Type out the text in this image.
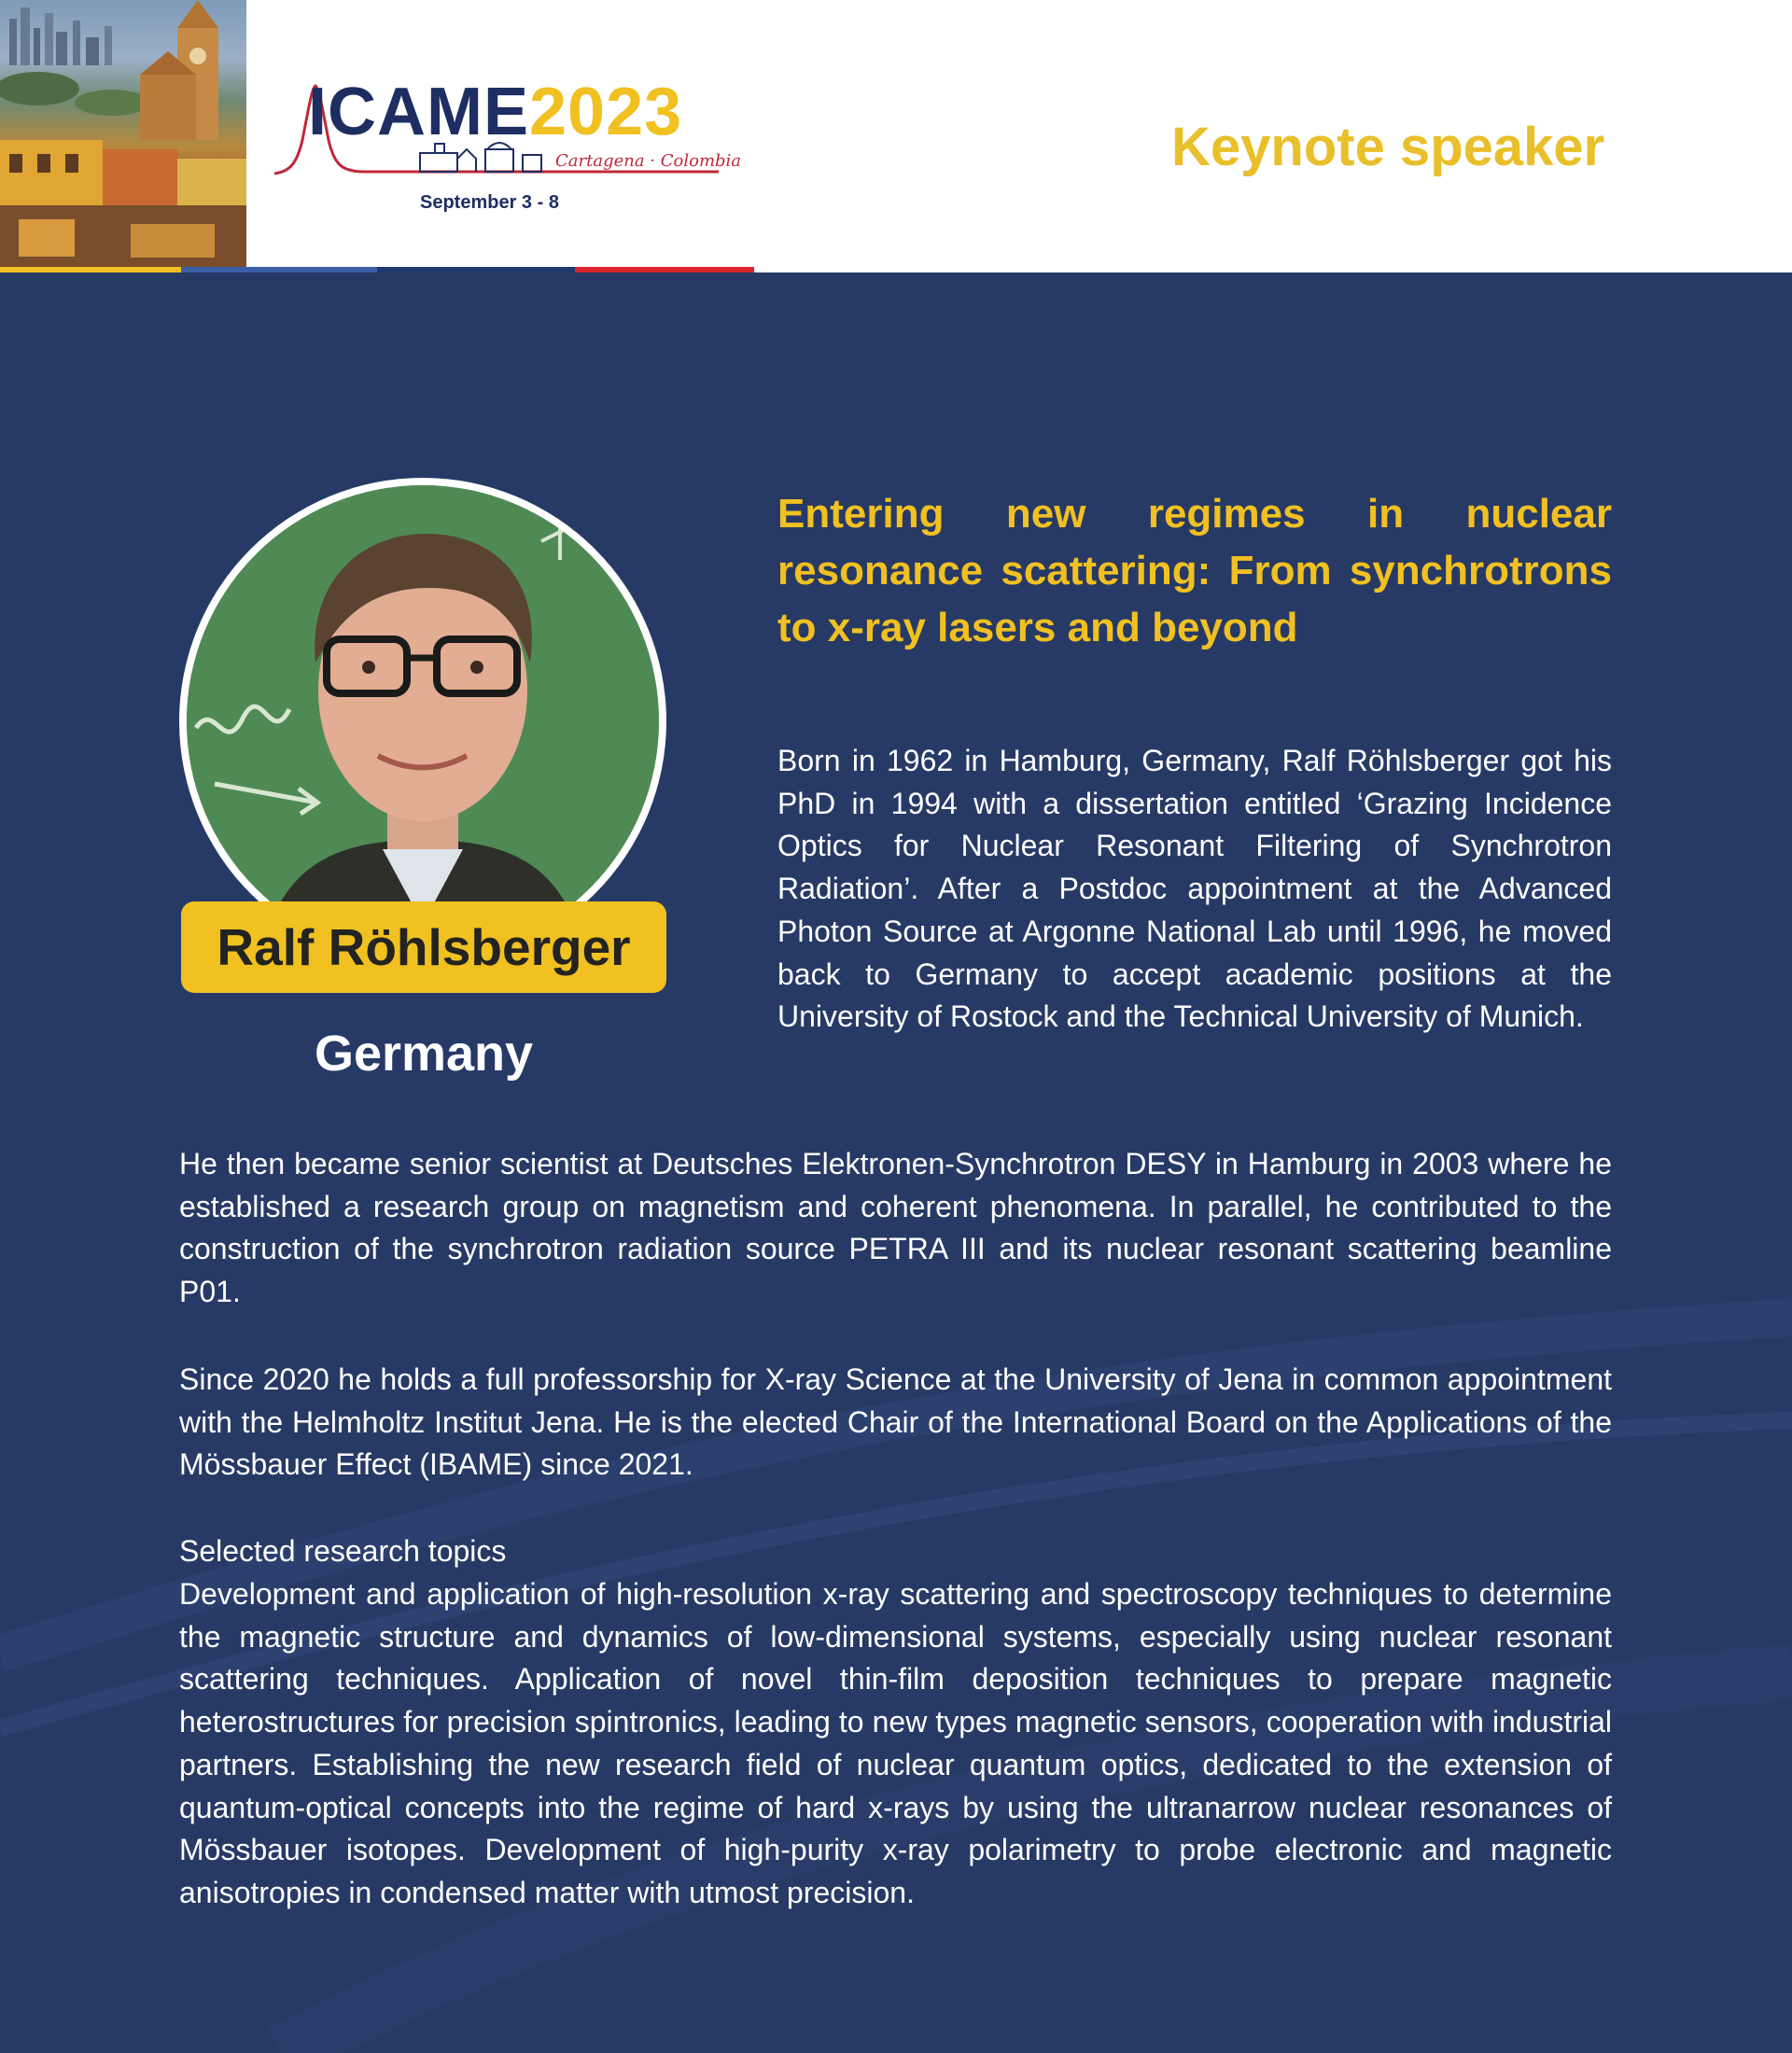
ICAME2023
Cartagena · Colombia
September 3 - 8
Keynote speaker
Ralf Röhlsberger
Germany
Entering new regimes in nuclear resonance scattering: From synchrotrons to x-ray lasers and beyond
Born in 1962 in Hamburg, Germany, Ralf Röhlsberger got his PhD in 1994 with a dissertation entitled ‘Grazing Incidence Optics for Nuclear Resonant Filtering of Synchrotron Radiation’. After a Postdoc appointment at the Advanced Photon Source at Argonne National Lab until 1996, he moved back to Germany to accept academic positions at the University of Rostock and the Technical University of Munich.
He then became senior scientist at Deutsches Elektronen-Synchrotron DESY in Hamburg in 2003 where he established a research group on magnetism and coherent phenomena. In parallel, he contributed to the construction of the synchrotron radiation source PETRA III and its nuclear resonant scattering beamline P01.
Since 2020 he holds a full professorship for X-ray Science at the University of Jena in common appointment with the Helmholtz Institut Jena. He is the elected Chair of the International Board on the Applications of the Mössbauer Effect (IBAME) since 2021.
Selected research topics
Development and application of high-resolution x-ray scattering and spectroscopy techniques to determine the magnetic structure and dynamics of low-dimensional systems, especially using nuclear resonant scattering techniques. Application of novel thin-film deposition techniques to prepare magnetic heterostructures for precision spintronics, leading to new types magnetic sensors, cooperation with industrial partners. Establishing the new research field of nuclear quantum optics, dedicated to the extension of quantum-optical concepts into the regime of hard x-rays by using the ultranarrow nuclear resonances of Mössbauer isotopes. Development of high-purity x-ray polarimetry to probe electronic and magnetic anisotropies in condensed matter with utmost precision.
